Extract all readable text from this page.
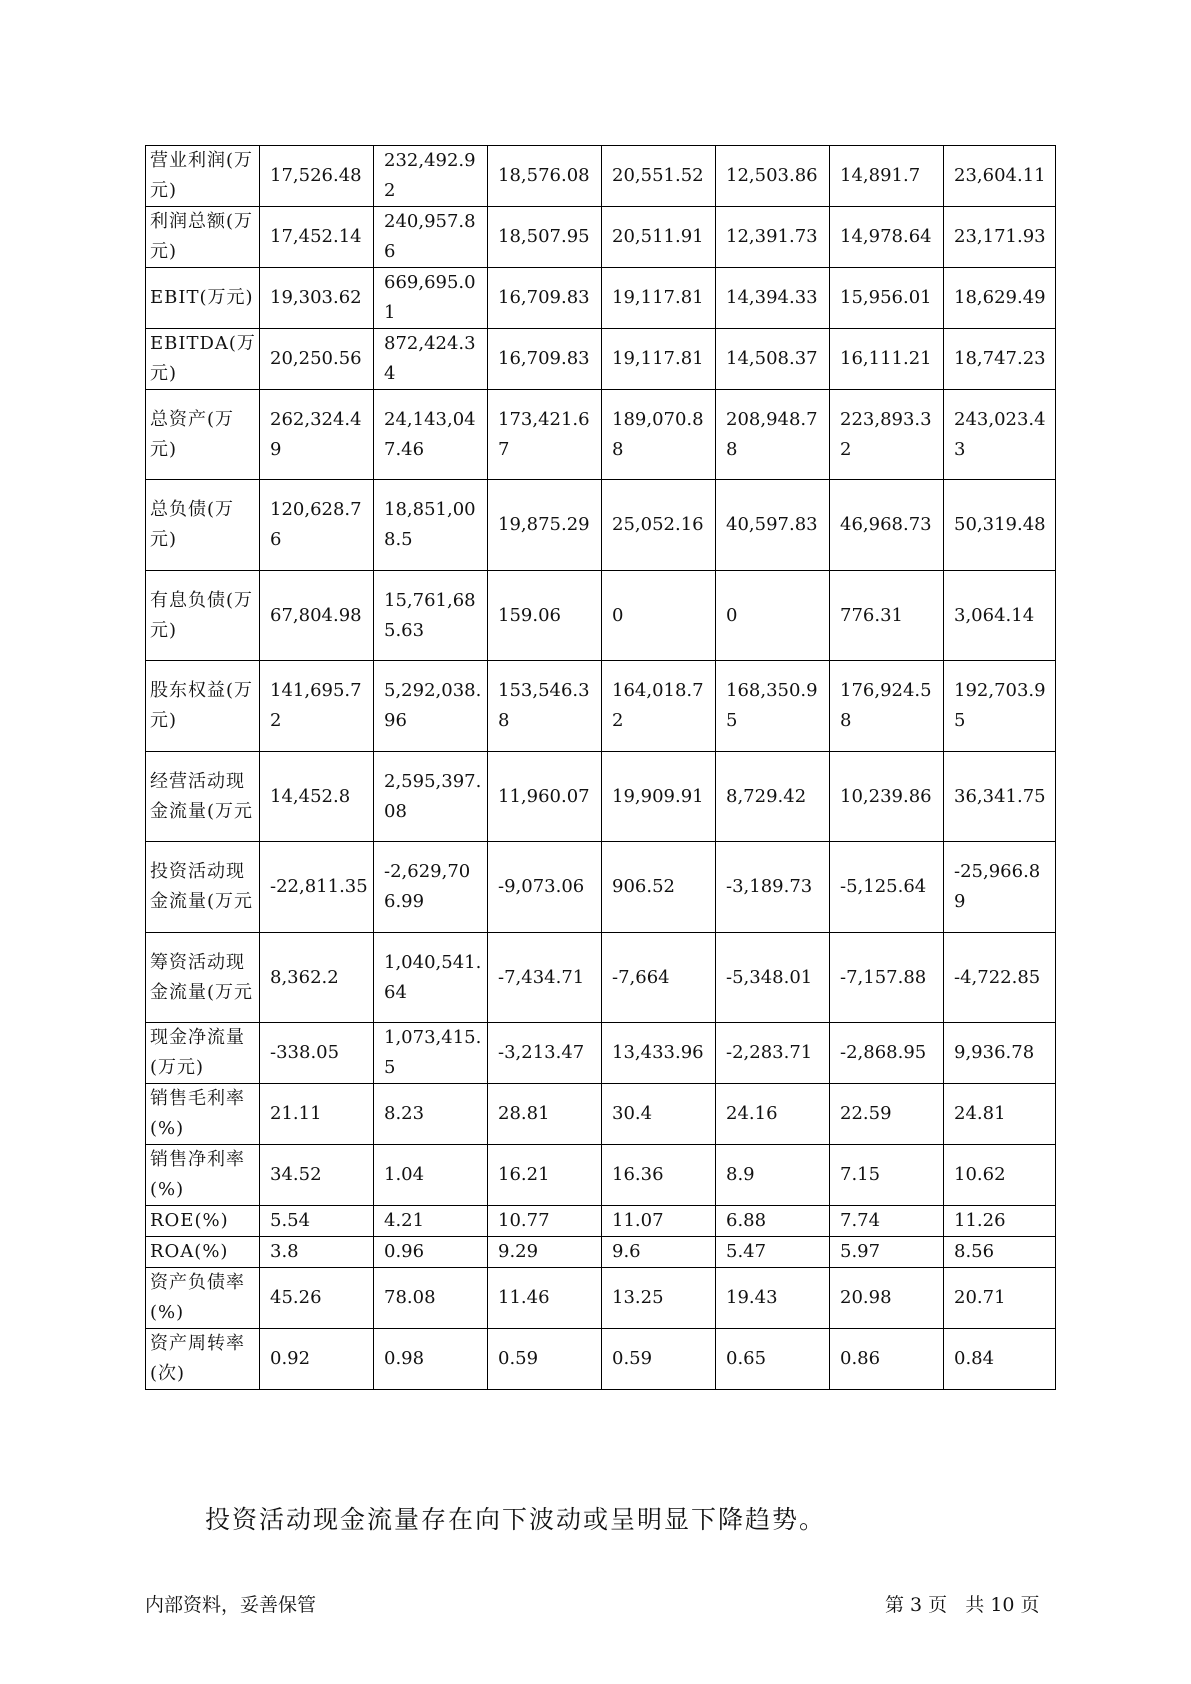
营业利润(万元)	17,526.48	232,492.92	18,576.08	20,551.52	12,503.86	14,891.7	23,604.11
利润总额(万元)	17,452.14	240,957.86	18,507.95	20,511.91	12,391.73	14,978.64	23,171.93
EBIT(万元)	19,303.62	669,695.01	16,709.83	19,117.81	14,394.33	15,956.01	18,629.49
EBITDA(万元)	20,250.56	872,424.34	16,709.83	19,117.81	14,508.37	16,111.21	18,747.23
总资产(万元)	262,324.49	24,143,047.46	173,421.67	189,070.88	208,948.78	223,893.32	243,023.43
总负债(万元)	120,628.76	18,851,008.5	19,875.29	25,052.16	40,597.83	46,968.73	50,319.48
有息负债(万元)	67,804.98	15,761,685.63	159.06	0	0	776.31	3,064.14
股东权益(万元)	141,695.72	5,292,038.96	153,546.38	164,018.72	168,350.95	176,924.58	192,703.95
经营活动现金流量(万元	14,452.8	2,595,397.08	11,960.07	19,909.91	8,729.42	10,239.86	36,341.75
投资活动现金流量(万元	-22,811.35	-2,629,706.99	-9,073.06	906.52	-3,189.73	-5,125.64	-25,966.89
筹资活动现金流量(万元	8,362.2	1,040,541.64	-7,434.71	-7,664	-5,348.01	-7,157.88	-4,722.85
现金净流量(万元)	-338.05	1,073,415.5	-3,213.47	13,433.96	-2,283.71	-2,868.95	9,936.78
销售毛利率(%)	21.11	8.23	28.81	30.4	24.16	22.59	24.81
销售净利率(%)	34.52	1.04	16.21	16.36	8.9	7.15	10.62
ROE(%)	5.54	4.21	10.77	11.07	6.88	7.74	11.26
ROA(%)	3.8	0.96	9.29	9.6	5.47	5.97	8.56
资产负债率(%)	45.26	78.08	11.46	13.25	19.43	20.98	20.71
资产周转率(次)	0.92	0.98	0.59	0.59	0.65	0.86	0.84

投资活动现金流量存在向下波动或呈明显下降趋势。

内部资料，妥善保管	第 3 页   共 10 页
